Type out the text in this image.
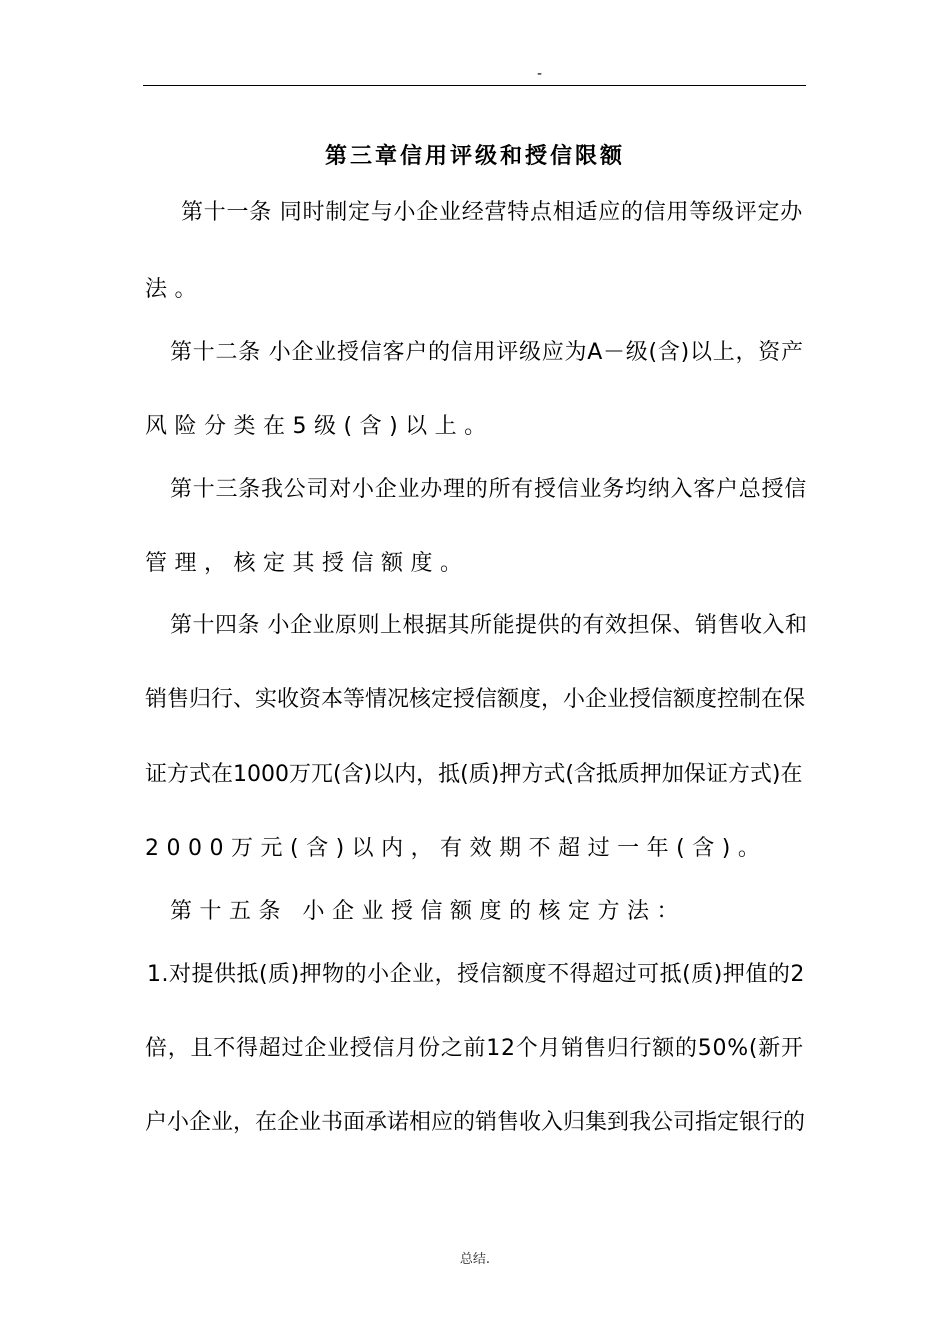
-
第三章信用评级和授信限额
第十一条 同时制定与小企业经营特点相适应的信用等级评定办
法。
第十二条 小企业授信客户的信用评级应为A－级(含)以上，资产
风险分类在5级(含)以上。
第十三条我公司对小企业办理的所有授信业务均纳入客户总授信
管理，核定其授信额度。
第十四条 小企业原则上根据其所能提供的有效担保、销售收入和
销售归行、实收资本等情况核定授信额度，小企业授信额度控制在保
证方式在1000万兀(含)以内，抵(质)押方式(含抵质押加保证方式)在
2000万元(含)以内，有效期不超过一年(含)。
第十五条 小企业授信额度的核定方法：
1.对提供抵(质)押物的小企业，授信额度不得超过可抵(质)押值的2
倍，且不得超过企业授信月份之前12个月销售归行额的50%(新开
户小企业，在企业书面承诺相应的销售收入归集到我公司指定银行的
总结.
